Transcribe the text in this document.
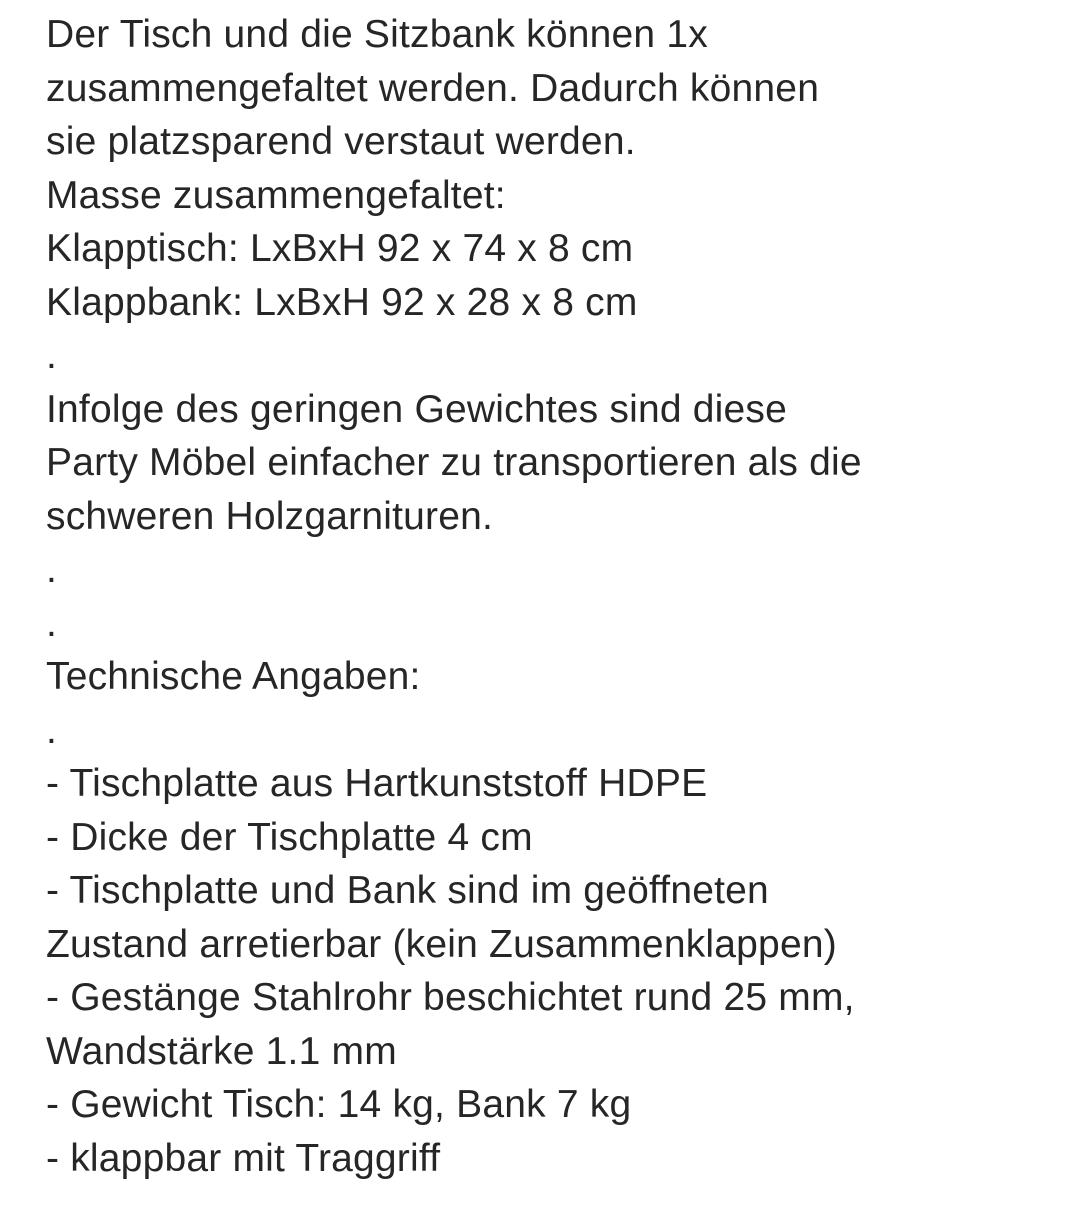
Der Tisch und die Sitzbank können 1x
zusammengefaltet werden. Dadurch können
sie platzsparend verstaut werden.
Masse zusammengefaltet:
Klapptisch: LxBxH 92 x 74 x 8 cm
Klappbank: LxBxH 92 x 28 x 8 cm
.
Infolge des geringen Gewichtes sind diese
Party Möbel einfacher zu transportieren als die
schweren Holzgarnituren.
.
.
Technische Angaben:
.
- Tischplatte aus Hartkunststoff HDPE
- Dicke der Tischplatte 4 cm
- Tischplatte und Bank sind im geöffneten
Zustand arretierbar (kein Zusammenklappen)
- Gestänge Stahlrohr beschichtet rund 25 mm,
Wandstärke 1.1 mm
- Gewicht Tisch: 14 kg, Bank 7 kg
- klappbar mit Traggriff
